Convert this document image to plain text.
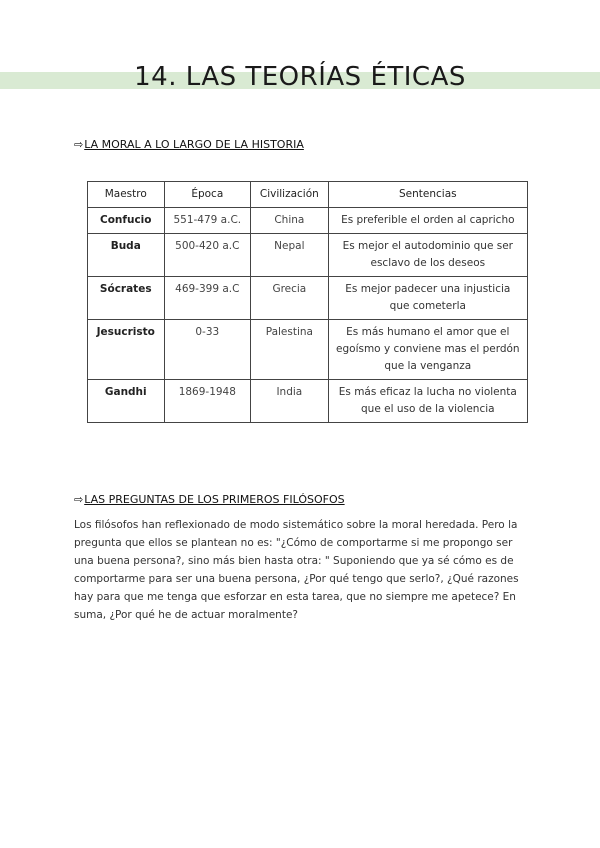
14. LAS TEORÍAS ÉTICAS
⇨LA MORAL A LO LARGO DE LA HISTORIA
Maestro	Época	Civilización	Sentencias
Confucio	551-479 a.C.	China	Es preferible el orden al capricho
Buda	500-420 a.C	Nepal	Es mejor el autodominio que ser esclavo de los deseos
Sócrates	469-399 a.C	Grecia	Es mejor padecer una injusticia que cometerla
Jesucristo	0-33	Palestina	Es más humano el amor que el egoísmo y conviene mas el perdón que la venganza
Gandhi	1869-1948	India	Es más eficaz la lucha no violenta que el uso de la violencia
⇨LAS PREGUNTAS DE LOS PRIMEROS FILÓSOFOS
Los filósofos han reflexionado de modo sistemático sobre la moral heredada. Pero la pregunta que ellos se plantean no es: "¿Cómo de comportarme si me propongo ser una buena persona?, sino más bien hasta otra: " Suponiendo que ya sé cómo es de comportarme para ser una buena persona, ¿Por qué tengo que serlo?, ¿Qué razones hay para que me tenga que esforzar en esta tarea, que no siempre me apetece? En suma, ¿Por qué he de actuar moralmente?
